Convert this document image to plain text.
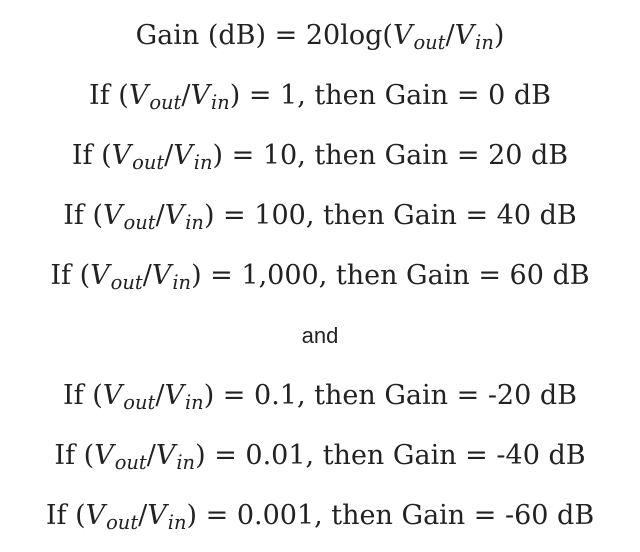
Gain $(dB) = 20\log(V_{out}/V_{in})$
If $(V_{out}/V_{in}) = 1$, then Gain = 0 dB
If $(V_{out}/V_{in}) = 10$, then Gain = 20 dB
If $(V_{out}/V_{in}) = 100$, then Gain = 40 dB
If $(V_{out}/V_{in}) = 1,000$, then Gain = 60 dB
and
If $(V_{out}/V_{in}) = 0.1$, then Gain = -20 dB
If $(V_{out}/V_{in}) = 0.01$, then Gain = -40 dB
If $(V_{out}/V_{in}) = 0.001$, then Gain = -60 dB
